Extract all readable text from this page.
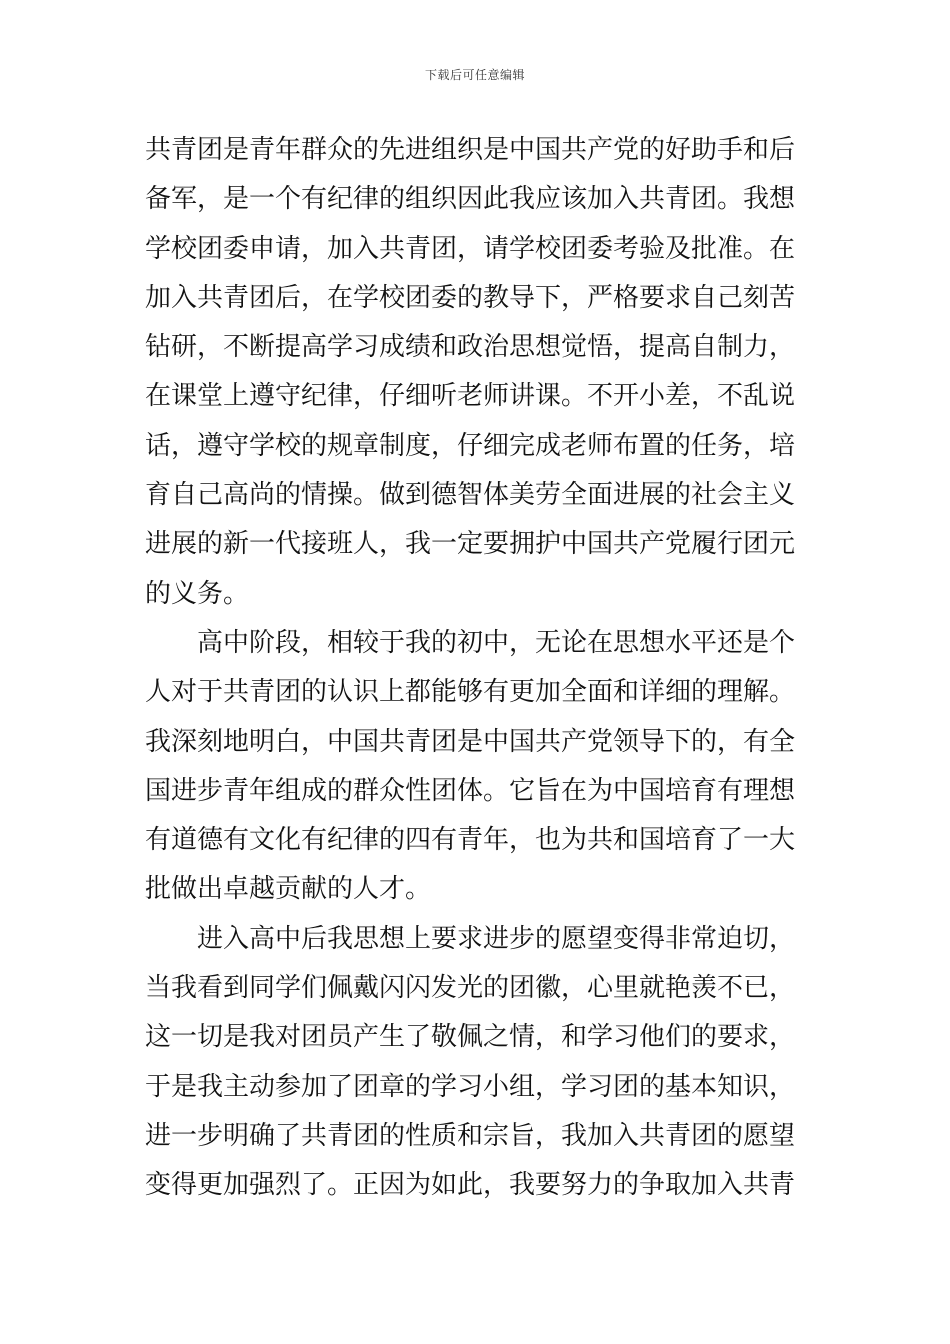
下载后可任意编辑
共青团是青年群众的先进组织是中国共产党的好助手和后
备军，是一个有纪律的组织因此我应该加入共青团。我想
学校团委申请，加入共青团，请学校团委考验及批准。在
加入共青团后，在学校团委的教导下，严格要求自己刻苦
钻研，不断提高学习成绩和政治思想觉悟，提高自制力，
在课堂上遵守纪律，仔细听老师讲课。不开小差，不乱说
话，遵守学校的规章制度，仔细完成老师布置的任务，培
育自己高尚的情操。做到德智体美劳全面进展的社会主义
进展的新一代接班人，我一定要拥护中国共产党履行团元
的义务。
高中阶段，相较于我的初中，无论在思想水平还是个
人对于共青团的认识上都能够有更加全面和详细的理解。
我深刻地明白，中国共青团是中国共产党领导下的，有全
国进步青年组成的群众性团体。它旨在为中国培育有理想
有道德有文化有纪律的四有青年，也为共和国培育了一大
批做出卓越贡献的人才。
进入高中后我思想上要求进步的愿望变得非常迫切，
当我看到同学们佩戴闪闪发光的团徽，心里就艳羡不已，
这一切是我对团员产生了敬佩之情，和学习他们的要求，
于是我主动参加了团章的学习小组，学习团的基本知识，
进一步明确了共青团的性质和宗旨，我加入共青团的愿望
变得更加强烈了。正因为如此，我要努力的争取加入共青
